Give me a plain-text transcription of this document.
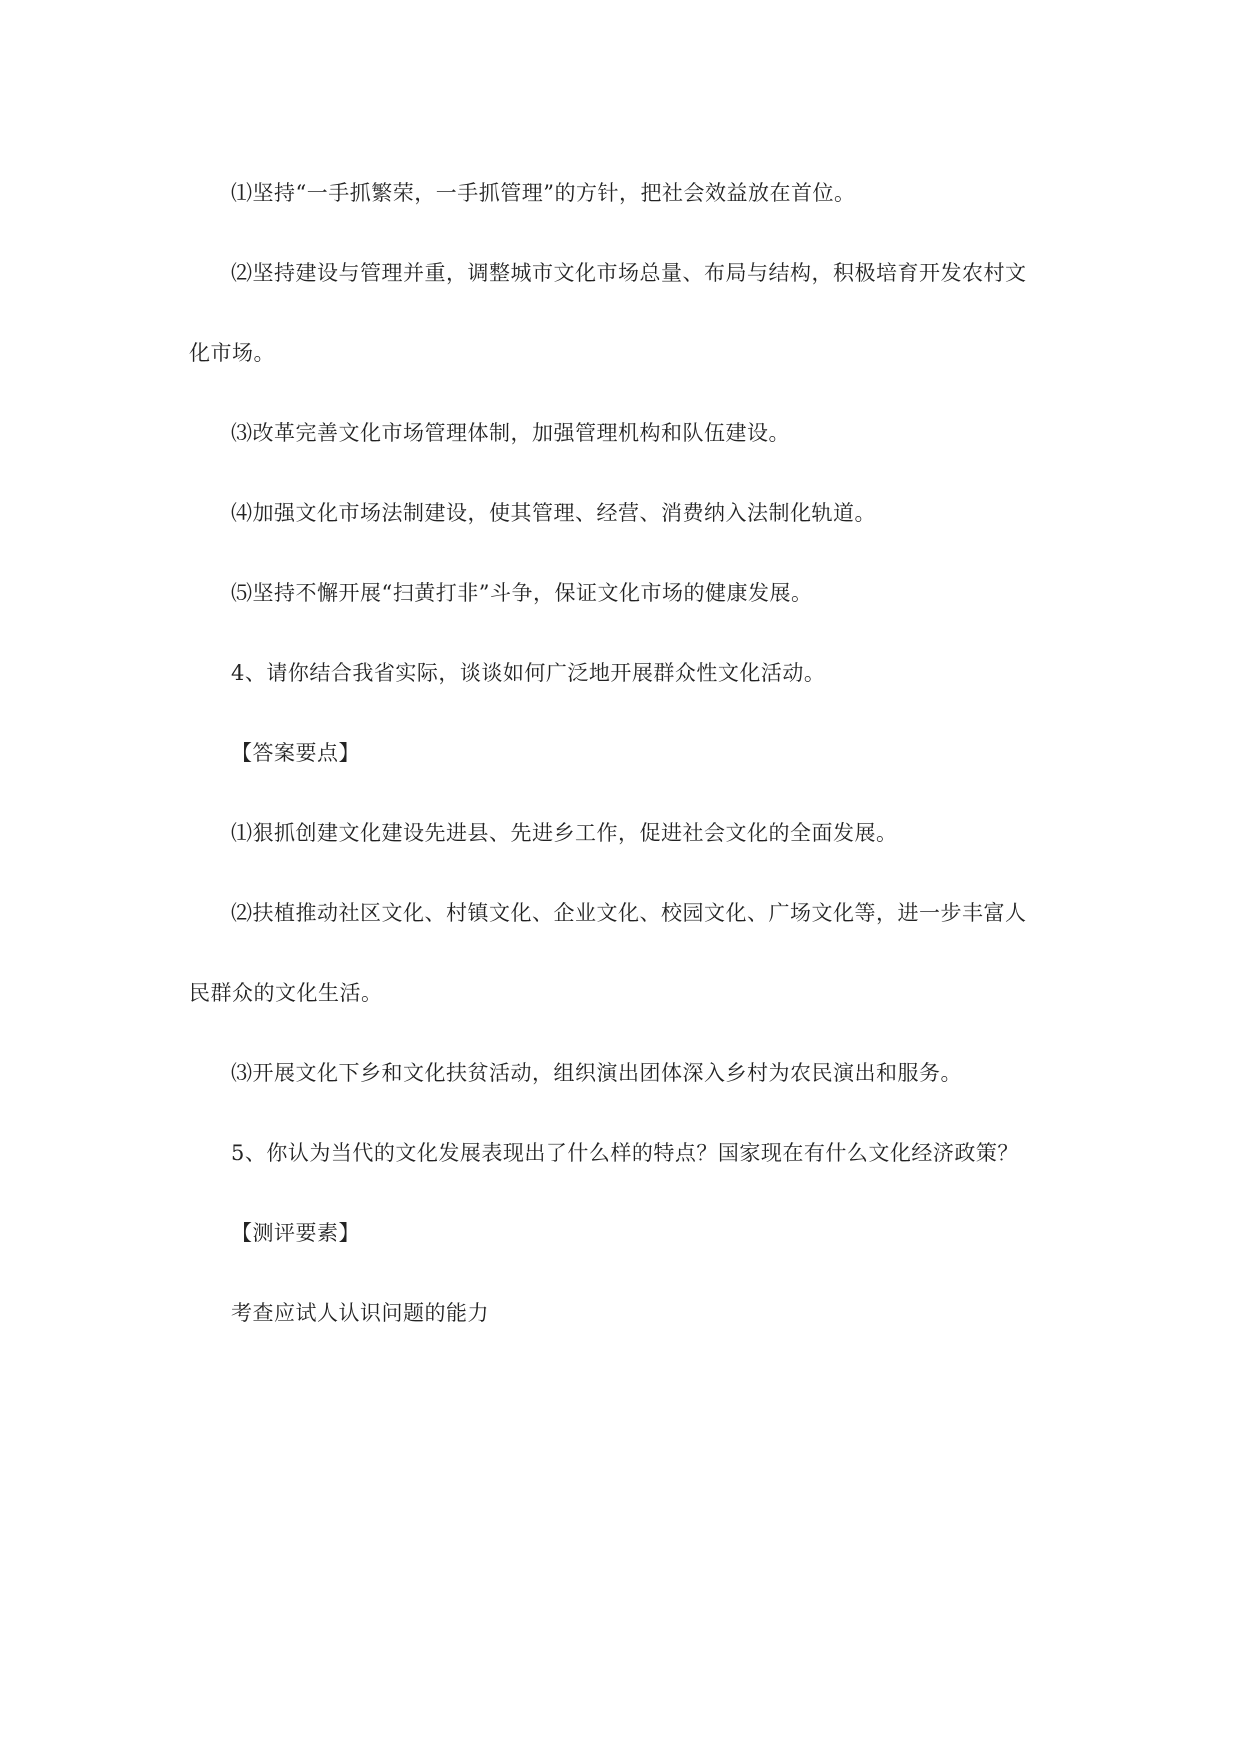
⑴坚持“一手抓繁荣，一手抓管理”的方针，把社会效益放在首位。
⑵坚持建设与管理并重，调整城市文化市场总量、布局与结构，积极培育开发农村文
化市场。
⑶改革完善文化市场管理体制，加强管理机构和队伍建设。
⑷加强文化市场法制建设，使其管理、经营、消费纳入法制化轨道。
⑸坚持不懈开展“扫黄打非”斗争，保证文化市场的健康发展。
4、请你结合我省实际，谈谈如何广泛地开展群众性文化活动。
【答案要点】
⑴狠抓创建文化建设先进县、先进乡工作，促进社会文化的全面发展。
⑵扶植推动社区文化、村镇文化、企业文化、校园文化、广场文化等，进一步丰富人
民群众的文化生活。
⑶开展文化下乡和文化扶贫活动，组织演出团体深入乡村为农民演出和服务。
5、你认为当代的文化发展表现出了什么样的特点？国家现在有什么文化经济政策？
【测评要素】
考查应试人认识问题的能力
